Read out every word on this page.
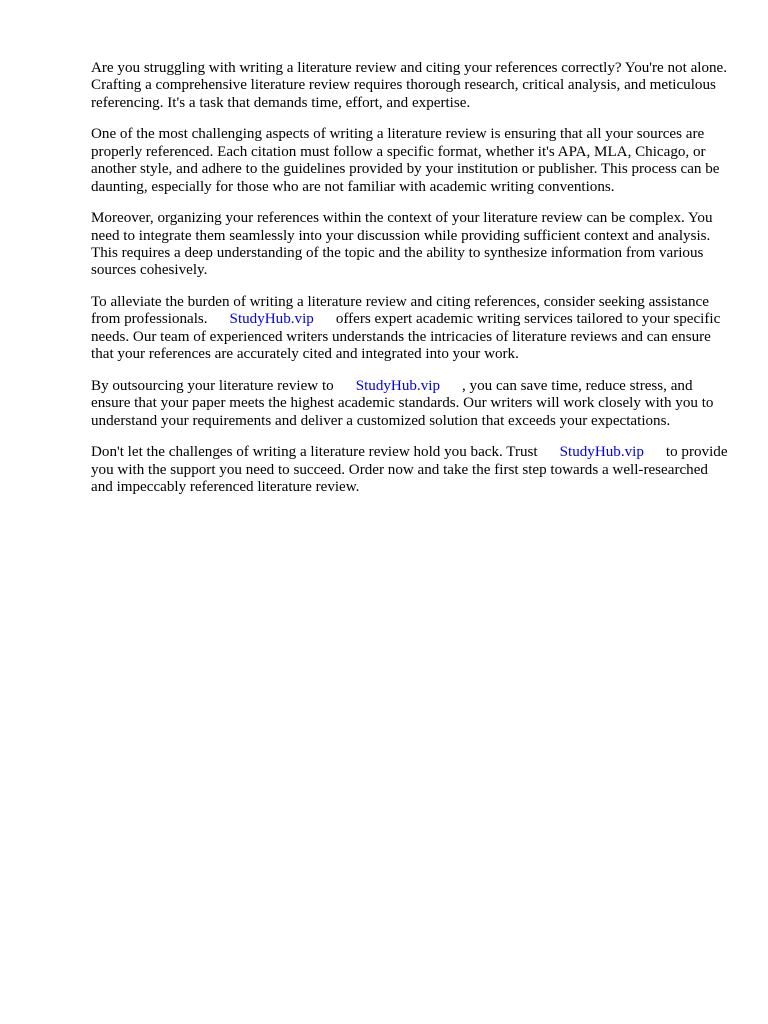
Are you struggling with writing a literature review and citing your references correctly? You're not alone. Crafting a comprehensive literature review requires thorough research, critical analysis, and meticulous referencing. It's a task that demands time, effort, and expertise.

One of the most challenging aspects of writing a literature review is ensuring that all your sources are properly referenced. Each citation must follow a specific format, whether it's APA, MLA, Chicago, or another style, and adhere to the guidelines provided by your institution or publisher. This process can be daunting, especially for those who are not familiar with academic writing conventions.

Moreover, organizing your references within the context of your literature review can be complex. You need to integrate them seamlessly into your discussion while providing sufficient context and analysis. This requires a deep understanding of the topic and the ability to synthesize information from various sources cohesively.

To alleviate the burden of writing a literature review and citing references, consider seeking assistance from professionals. StudyHub.vip offers expert academic writing services tailored to your specific needs. Our team of experienced writers understands the intricacies of literature reviews and can ensure that your references are accurately cited and integrated into your work.

By outsourcing your literature review to StudyHub.vip , you can save time, reduce stress, and ensure that your paper meets the highest academic standards. Our writers will work closely with you to understand your requirements and deliver a customized solution that exceeds your expectations.

Don't let the challenges of writing a literature review hold you back. Trust StudyHub.vip to provide you with the support you need to succeed. Order now and take the first step towards a well-researched and impeccably referenced literature review.
